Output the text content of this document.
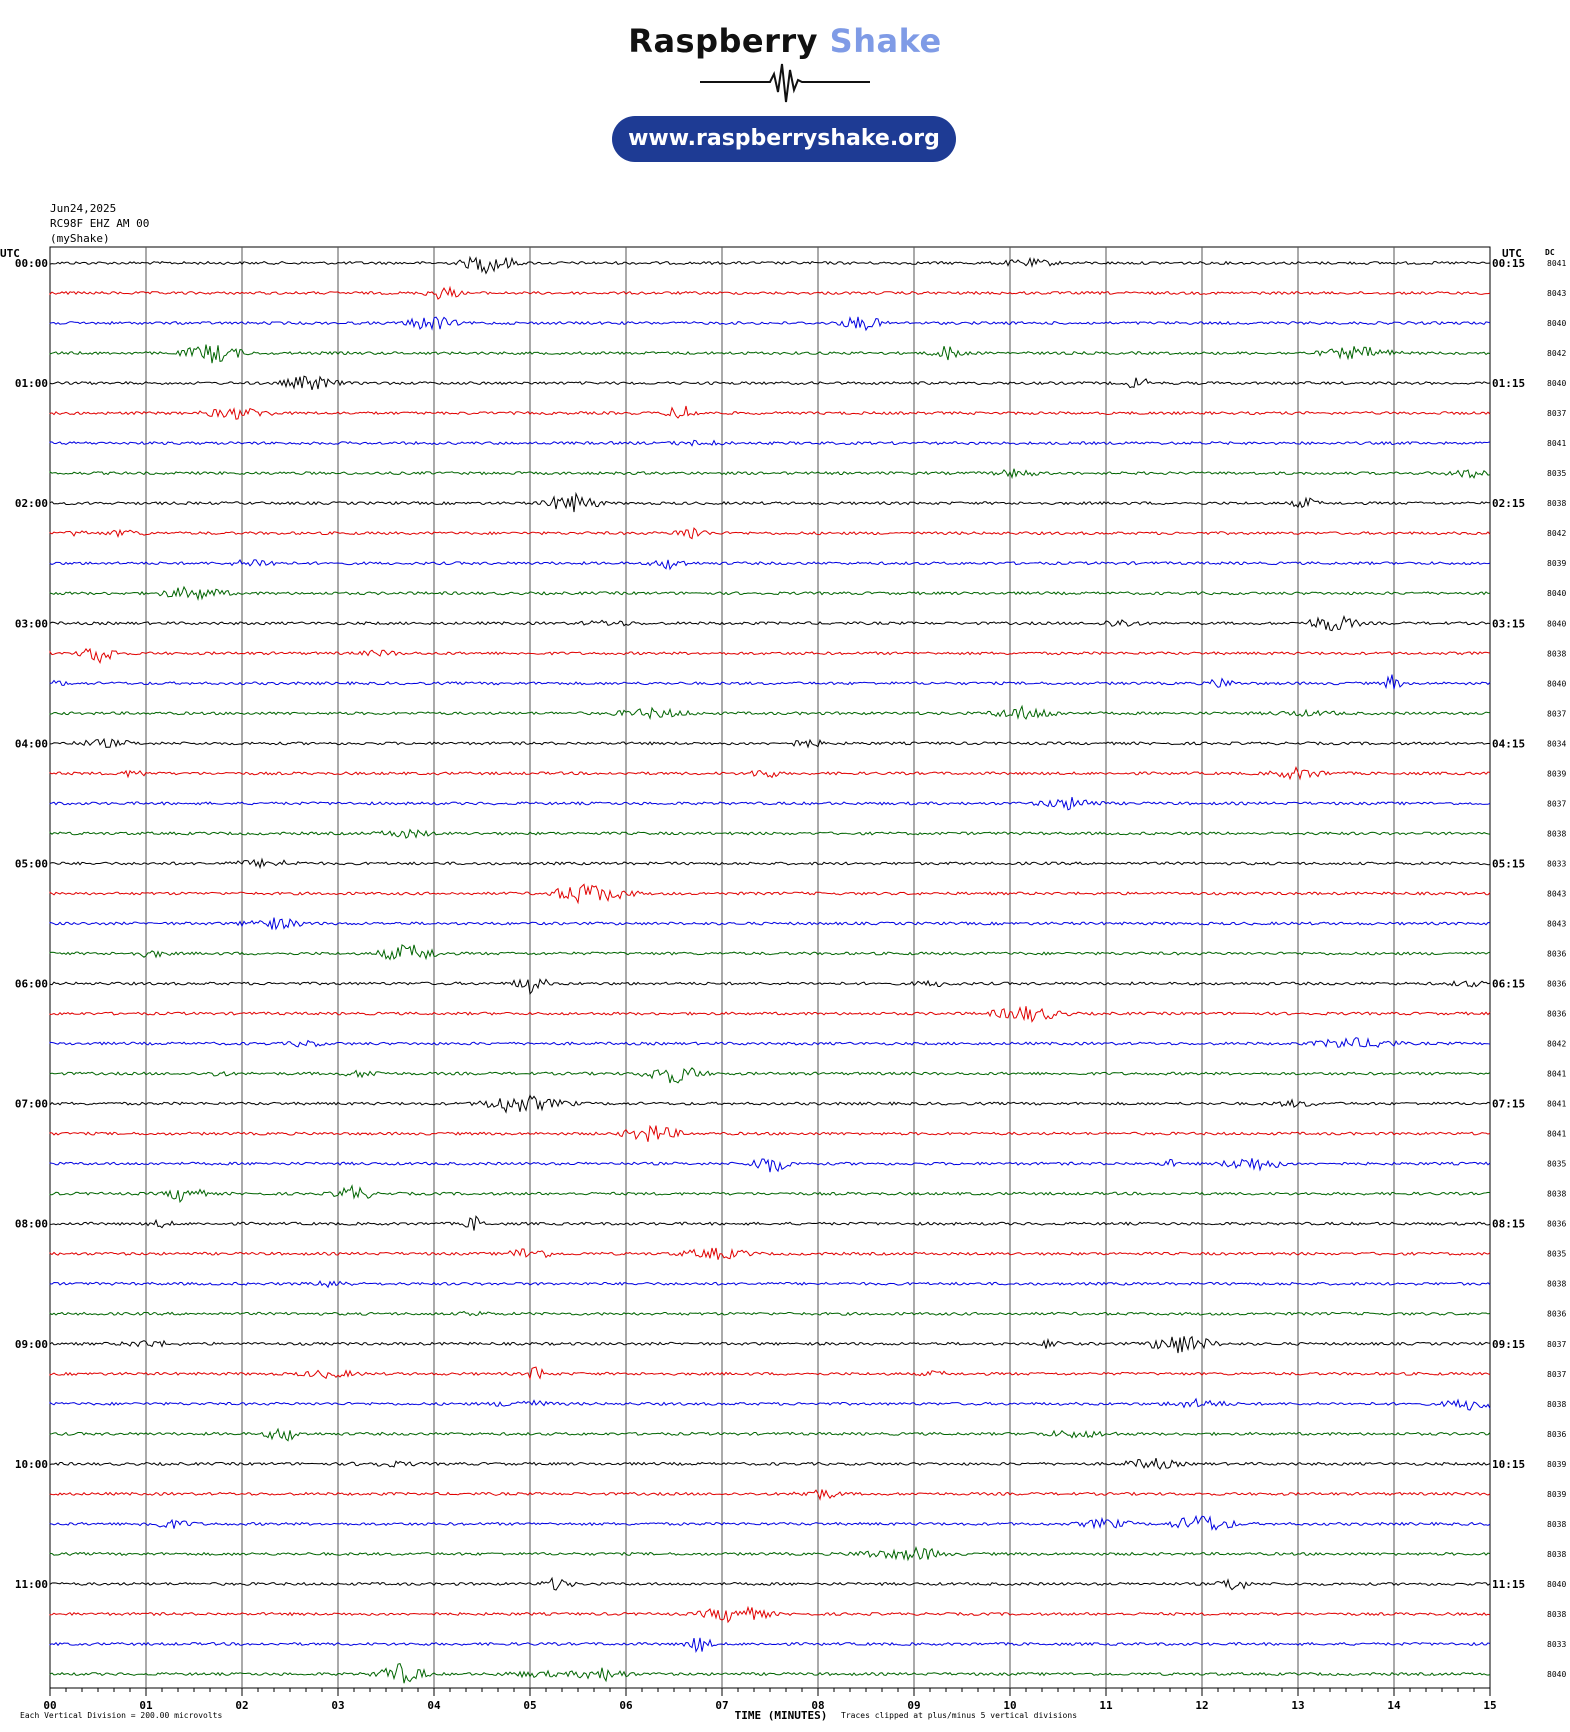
Raspberry Shake
www.raspberryshake.org
Jun24,2025
RC98F EHZ AM 00
(myShake)
UTC	UTC	DC
8041
8043
8040
8042
8040
8037
8041
8035
8038
8042
8039
8040
8040
8038
8040
8037
8034
8039
8037
8038
8033
8043
8043
8036
8036
8036
8042
8041
8041
8041
8035
8038
8036
8035
8038
8036
8037
8037
8038
8036
8039
8039
8038
8038
8040
8038
8033
8040
00:00	00:15
01:00	01:15
02:00	02:15
03:00	03:15
04:00	04:15
05:00	05:15
06:00	06:15
07:00	07:15
08:00	08:15
09:00	09:15
10:00	10:15
11:00	11:15
00	01	02	03	04	05	06	07	08	09	10	11	12	13	14	15
Each Vertical Division = 200.00 microvolts	TIME (MINUTES) Traces clipped at plus/minus 5 vertical divisions
